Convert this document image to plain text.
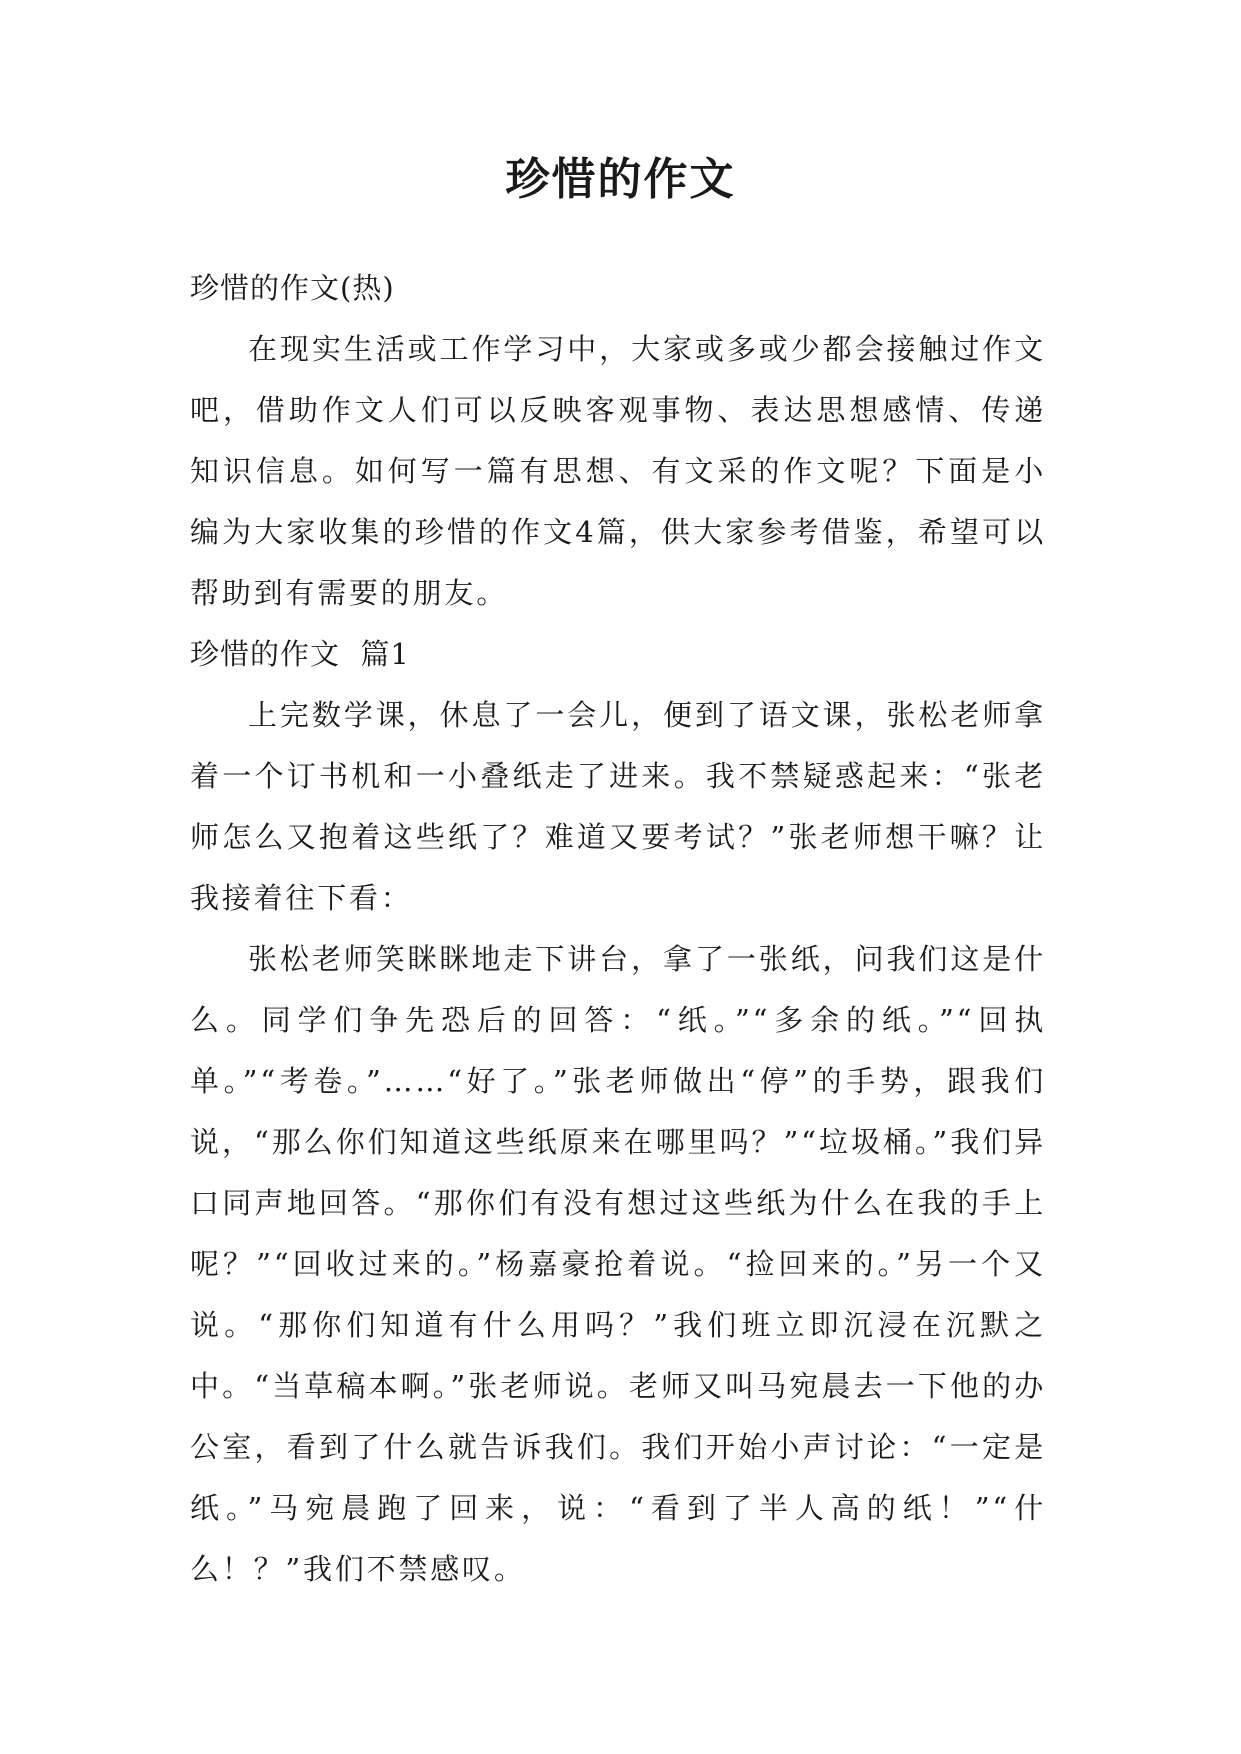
珍惜的作文

珍惜的作文(热)

在现实生活或工作学习中，大家或多或少都会接触过作文吧，借助作文人们可以反映客观事物、表达思想感情、传递知识信息。如何写一篇有思想、有文采的作文呢？下面是小编为大家收集的珍惜的作文4篇，供大家参考借鉴，希望可以帮助到有需要的朋友。

珍惜的作文  篇1

上完数学课，休息了一会儿，便到了语文课，张松老师拿着一个订书机和一小叠纸走了进来。我不禁疑惑起来：“张老师怎么又抱着这些纸了？难道又要考试？”张老师想干嘛？让我接着往下看：

张松老师笑眯眯地走下讲台，拿了一张纸，问我们这是什么。同学们争先恐后的回答：“纸。”“多余的纸。”“回执单。”“考卷。”……“好了。”张老师做出“停”的手势，跟我们说，“那么你们知道这些纸原来在哪里吗？”“垃圾桶。”我们异口同声地回答。“那你们有没有想过这些纸为什么在我的手上呢？”“回收过来的。”杨嘉豪抢着说。“捡回来的。”另一个又说。“那你们知道有什么用吗？”我们班立即沉浸在沉默之中。“当草稿本啊。”张老师说。老师又叫马宛晨去一下他的办公室，看到了什么就告诉我们。我们开始小声讨论：“一定是纸。”马宛晨跑了回来，说：“看到了半人高的纸！”“什么！？”我们不禁感叹。
